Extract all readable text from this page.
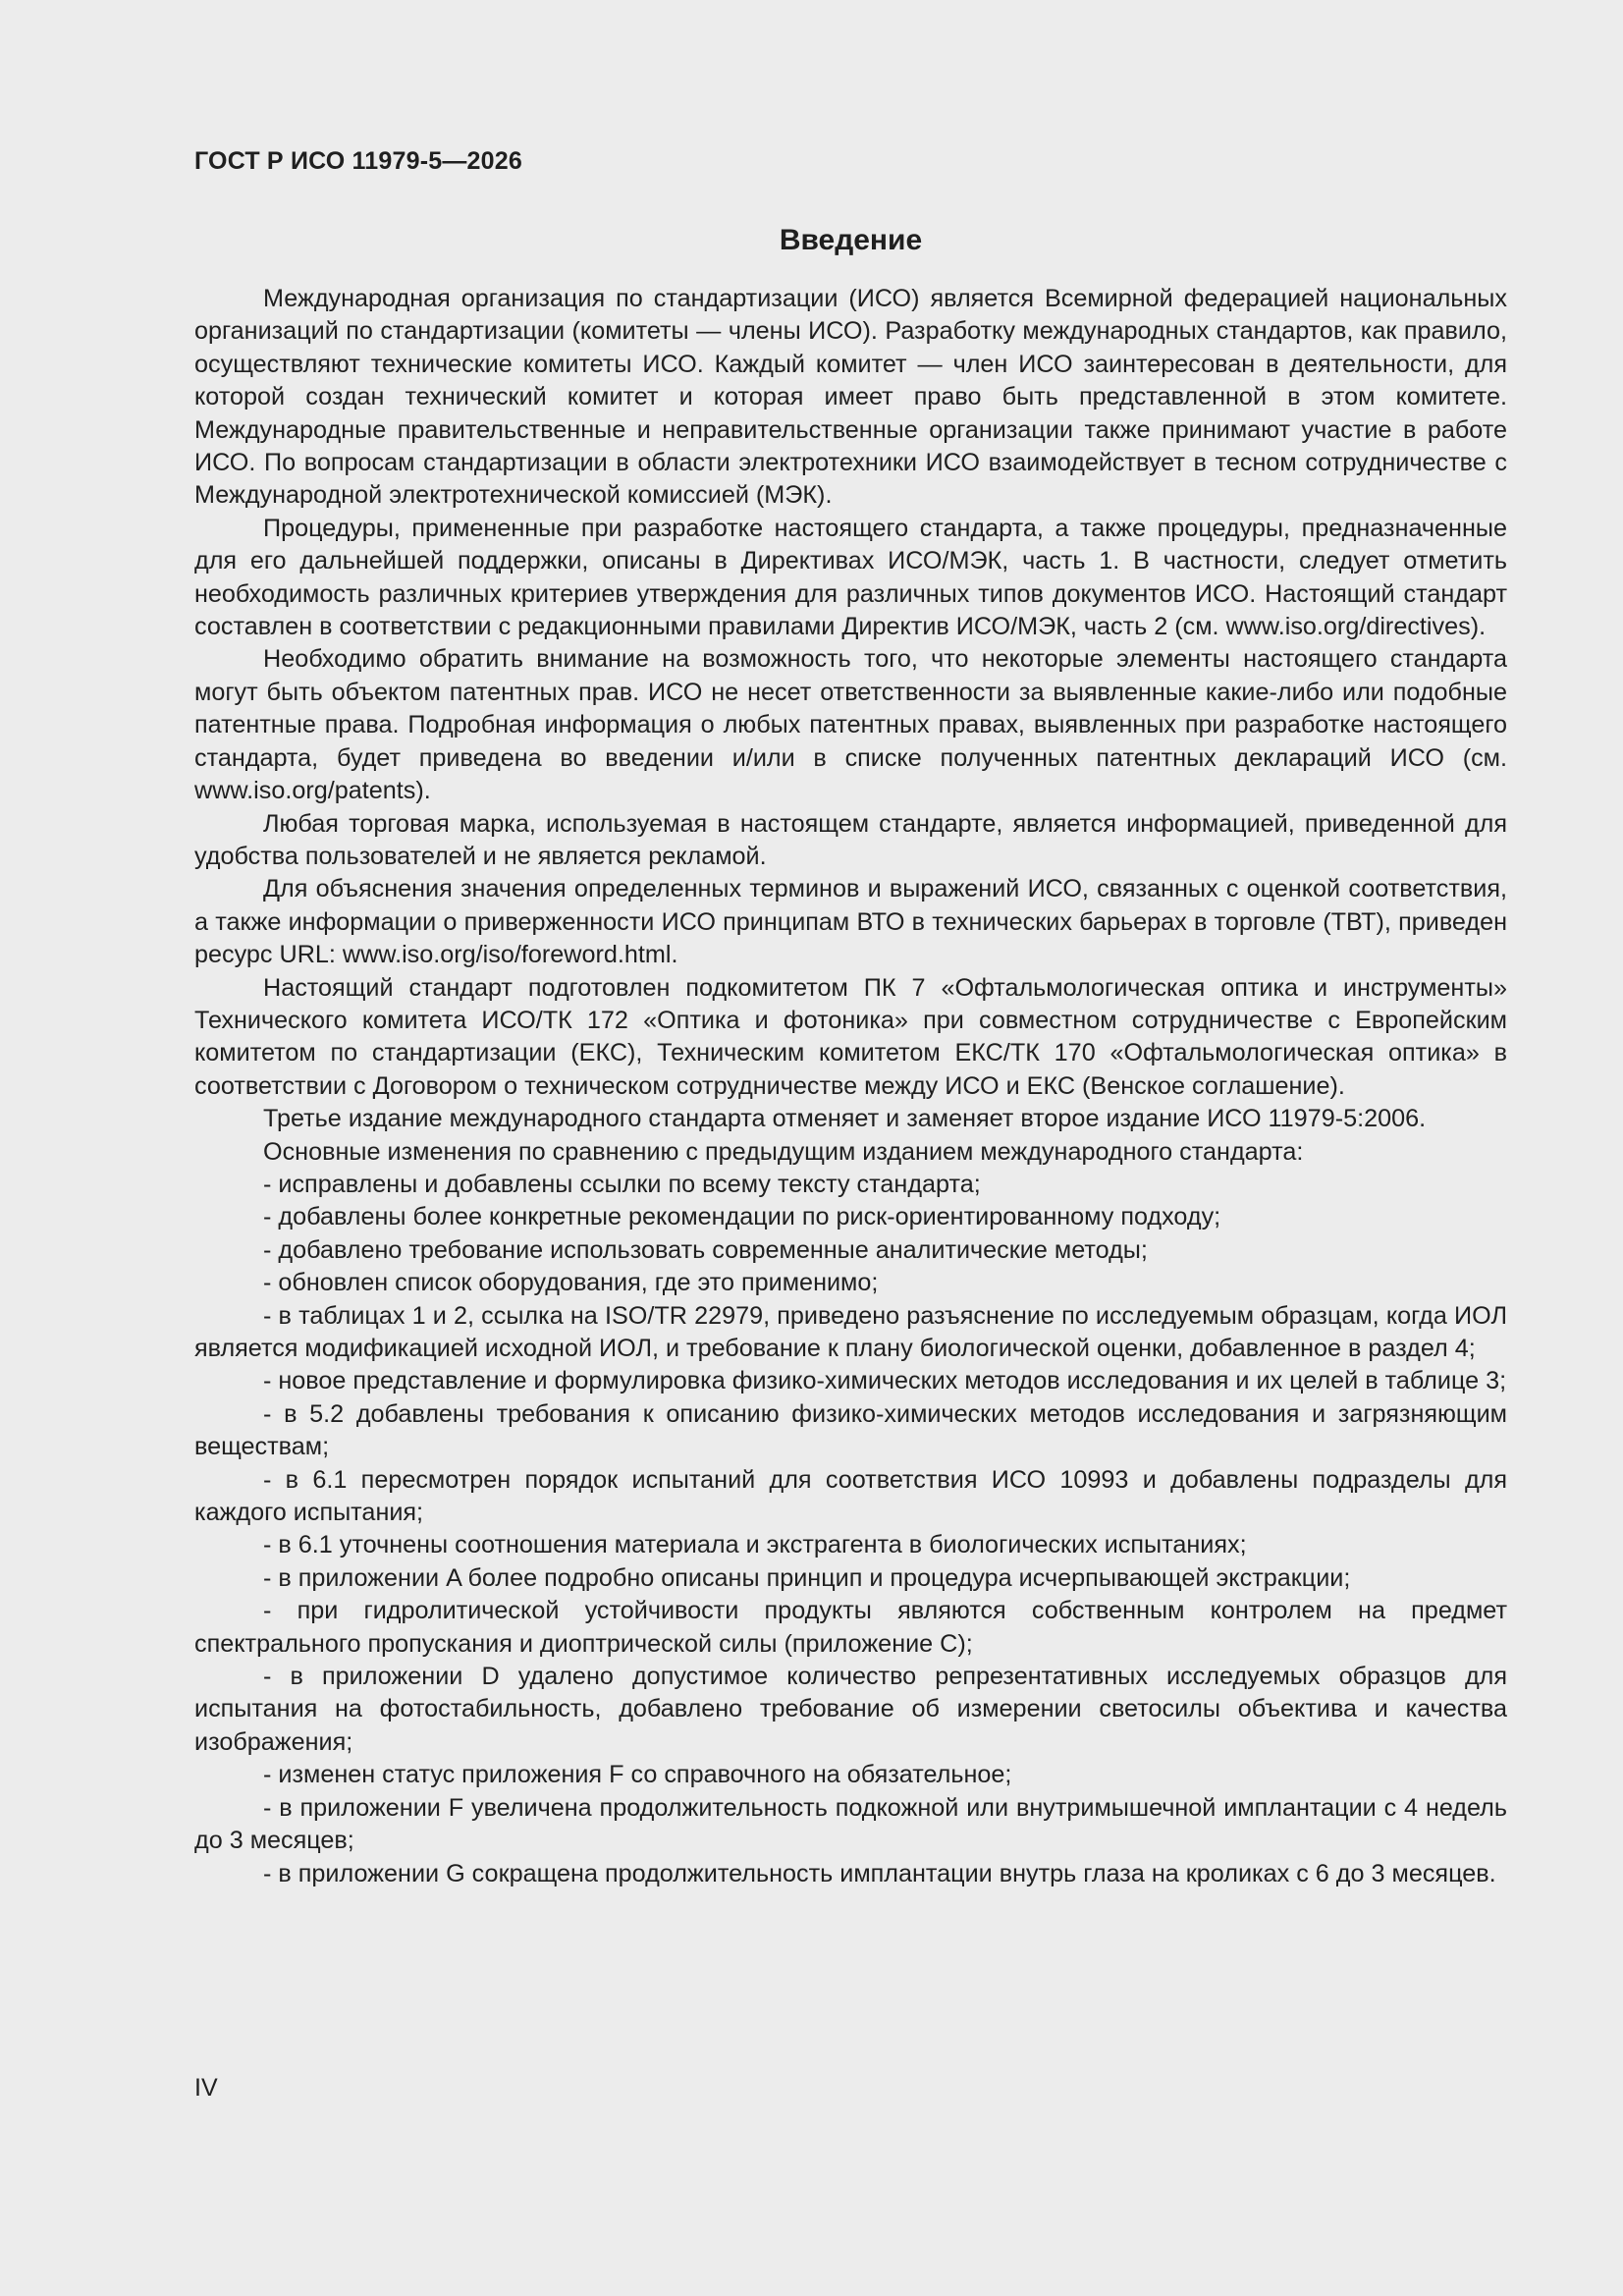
ГОСТ Р ИСО 11979-5—2026
Введение

Международная организация по стандартизации (ИСО) является Всемирной федерацией национальных организаций по стандартизации (комитеты — члены ИСО). Разработку международных стандартов, как правило, осуществляют технические комитеты ИСО. Каждый комитет — член ИСО заинтересован в деятельности, для которой создан технический комитет и которая имеет право быть представленной в этом комитете. Международные правительственные и неправительственные организации также принимают участие в работе ИСО. По вопросам стандартизации в области электротехники ИСО взаимодействует в тесном сотрудничестве с Международной электротехнической комиссией (МЭК).

Процедуры, примененные при разработке настоящего стандарта, а также процедуры, предназначенные для его дальнейшей поддержки, описаны в Директивах ИСО/МЭК, часть 1. В частности, следует отметить необходимость различных критериев утверждения для различных типов документов ИСО. Настоящий стандарт составлен в соответствии с редакционными правилами Директив ИСО/МЭК, часть 2 (см. www.iso.org/directives).

Необходимо обратить внимание на возможность того, что некоторые элементы настоящего стандарта могут быть объектом патентных прав. ИСО не несет ответственности за выявленные какие-либо или подобные патентные права. Подробная информация о любых патентных правах, выявленных при разработке настоящего стандарта, будет приведена во введении и/или в списке полученных патентных деклараций ИСО (см. www.iso.org/patents).

Любая торговая марка, используемая в настоящем стандарте, является информацией, приведенной для удобства пользователей и не является рекламой.

Для объяснения значения определенных терминов и выражений ИСО, связанных с оценкой соответствия, а также информации о приверженности ИСО принципам ВТО в технических барьерах в торговле (ТВТ), приведен ресурс URL: www.iso.org/iso/foreword.html.

Настоящий стандарт подготовлен подкомитетом ПК 7 «Офтальмологическая оптика и инструменты» Технического комитета ИСО/ТК 172 «Оптика и фотоника» при совместном сотрудничестве с Европейским комитетом по стандартизации (ЕКС), Техническим комитетом ЕКС/ТК 170 «Офтальмологическая оптика» в соответствии с Договором о техническом сотрудничестве между ИСО и ЕКС (Венское соглашение).

Третье издание международного стандарта отменяет и заменяет второе издание ИСО 11979-5:2006.

Основные изменения по сравнению с предыдущим изданием международного стандарта:

- исправлены и добавлены ссылки по всему тексту стандарта;

- добавлены более конкретные рекомендации по риск-ориентированному подходу;

- добавлено требование использовать современные аналитические методы;

- обновлен список оборудования, где это применимо;

- в таблицах 1 и 2, ссылка на ISO/TR 22979, приведено разъяснение по исследуемым образцам, когда ИОЛ является модификацией исходной ИОЛ, и требование к плану биологической оценки, добавленное в раздел 4;

- новое представление и формулировка физико-химических методов исследования и их целей в таблице 3;

- в 5.2 добавлены требования к описанию физико-химических методов исследования и загрязняющим веществам;

- в 6.1 пересмотрен порядок испытаний для соответствия ИСО 10993 и добавлены подразделы для каждого испытания;

- в 6.1 уточнены соотношения материала и экстрагента в биологических испытаниях;

- в приложении A более подробно описаны принцип и процедура исчерпывающей экстракции;

- при гидролитической устойчивости продукты являются собственным контролем на предмет спектрального пропускания и диоптрической силы (приложение C);

- в приложении D удалено допустимое количество репрезентативных исследуемых образцов для испытания на фотостабильность, добавлено требование об измерении светосилы объектива и качества изображения;

- изменен статус приложения F со справочного на обязательное;

- в приложении F увеличена продолжительность подкожной или внутримышечной имплантации с 4 недель до 3 месяцев;

- в приложении G сокращена продолжительность имплантации внутрь глаза на кроликах с 6 до 3 месяцев.

IV
